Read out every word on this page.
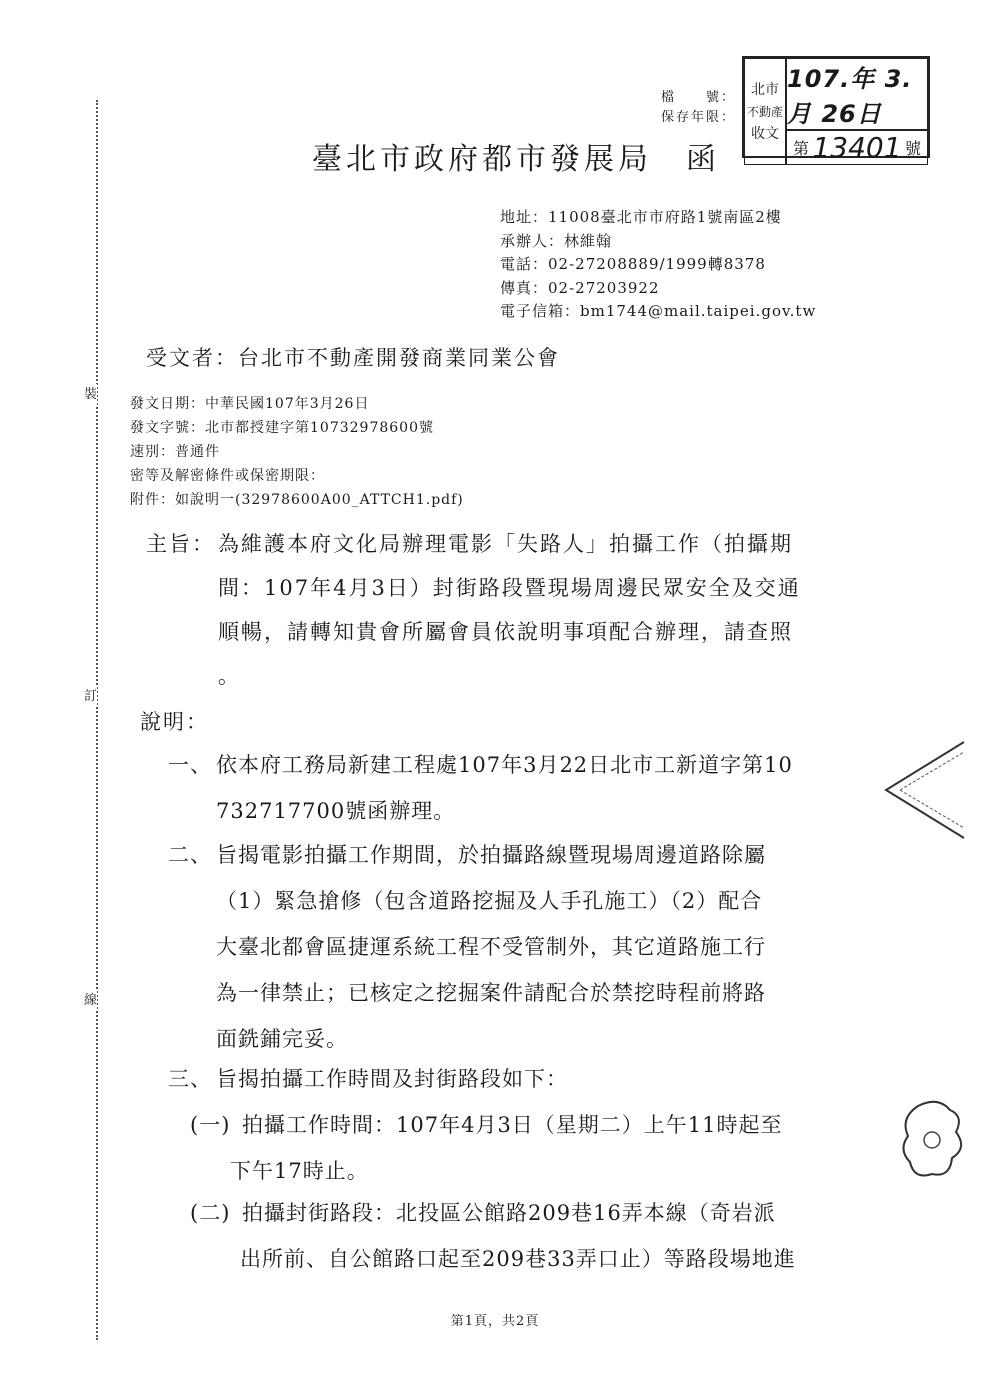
裝
訂
線
檔　　號：
保存年限：
北市
不動產
收文
107.年 3.月 26日
第 13401 號
臺北市政府都市發展局 函
地址：11008臺北市市府路1號南區2樓
承辦人：林維翰
電話：02-27208889/1999轉8378
傳真：02-27203922
電子信箱：bm1744@mail.taipei.gov.tw
受文者：台北市不動產開發商業同業公會
發文日期：中華民國107年3月26日
發文字號：北市都授建字第10732978600號
速別：普通件
密等及解密條件或保密期限：
附件：如說明一(32978600A00_ATTCH1.pdf)
主旨： 為維護本府文化局辦理電影「失路人」拍攝工作（拍攝期
間：107年4月3日）封街路段暨現場周邊民眾安全及交通
順暢，請轉知貴會所屬會員依說明事項配合辦理，請查照
。
說明：
一、 依本府工務局新建工程處107年3月22日北市工新道字第10
732717700號函辦理。
二、 旨揭電影拍攝工作期間，於拍攝路線暨現場周邊道路除屬
（1）緊急搶修（包含道路挖掘及人手孔施工）（2）配合
大臺北都會區捷運系統工程不受管制外，其它道路施工行
為一律禁止；已核定之挖掘案件請配合於禁挖時程前將路
面銑鋪完妥。
三、 旨揭拍攝工作時間及封街路段如下：
(一) 拍攝工作時間：107年4月3日（星期二）上午11時起至
下午17時止。
(二) 拍攝封街路段：北投區公館路209巷16弄本線（奇岩派
出所前、自公館路口起至209巷33弄口止）等路段場地進
第1頁，共2頁
